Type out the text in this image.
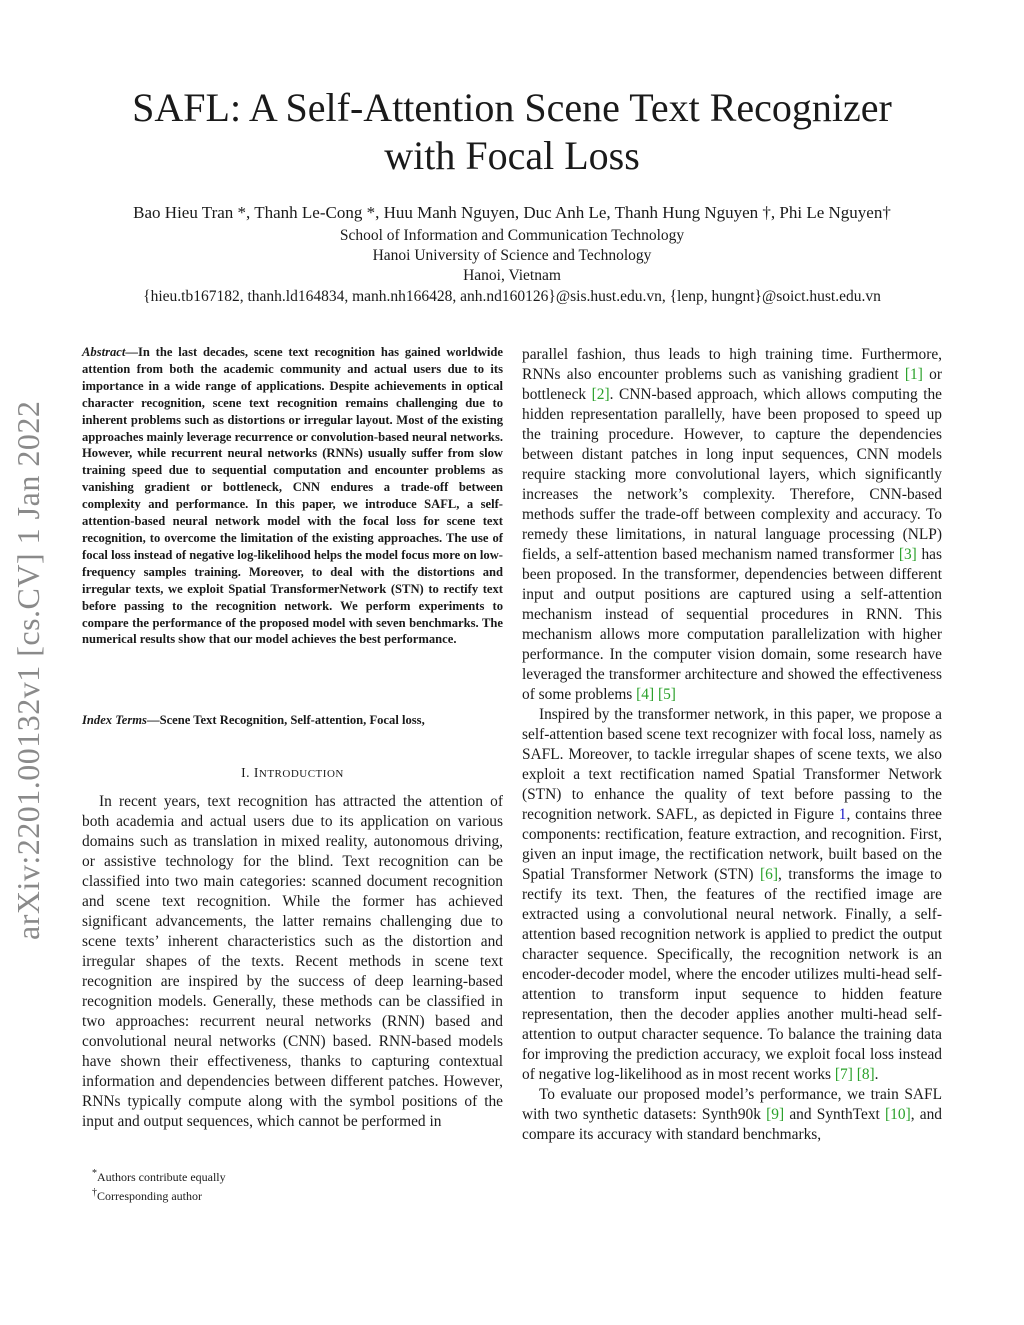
arXiv:2201.00132v1 [cs.CV] 1 Jan 2022
SAFL: A Self-Attention Scene Text Recognizer
with Focal Loss
Bao Hieu Tran *, Thanh Le-Cong *, Huu Manh Nguyen, Duc Anh Le, Thanh Hung Nguyen †, Phi Le Nguyen†
School of Information and Communication Technology
Hanoi University of Science and Technology
Hanoi, Vietnam
{hieu.tb167182, thanh.ld164834, manh.nh166428, anh.nd160126}@sis.hust.edu.vn, {lenp, hungnt}@soict.hust.edu.vn
Abstract—In the last decades, scene text recognition has gained worldwide attention from both the academic community and actual users due to its importance in a wide range of applications. Despite achievements in optical character recognition, scene text recognition remains challenging due to inherent problems such as distortions or irregular layout. Most of the existing approaches mainly leverage recurrence or convolution-based neural networks. However, while recurrent neural networks (RNNs) usually suffer from slow training speed due to sequential computation and encounter problems as vanishing gradient or bottleneck, CNN endures a trade-off between complexity and performance. In this paper, we introduce SAFL, a self-attention-based neural network model with the focal loss for scene text recognition, to overcome the limitation of the existing approaches. The use of focal loss instead of negative log-likelihood helps the model focus more on low-frequency samples training. Moreover, to deal with the distortions and irregular texts, we exploit Spatial TransformerNetwork (STN) to rectify text before passing to the recognition network. We perform experiments to compare the performance of the proposed model with seven benchmarks. The numerical results show that our model achieves the best performance.
Index Terms—Scene Text Recognition, Self-attention, Focal loss,
I. INTRODUCTION

In recent years, text recognition has attracted the attention of both academia and actual users due to its application on various domains such as translation in mixed reality, autonomous driving, or assistive technology for the blind. Text recognition can be classified into two main categories: scanned document recognition and scene text recognition. While the former has achieved significant advancements, the latter remains challenging due to scene texts’ inherent characteristics such as the distortion and irregular shapes of the texts. Recent methods in scene text recognition are inspired by the success of deep learning-based recognition models. Generally, these methods can be classified in two approaches: recurrent neural networks (RNN) based and convolutional neural networks (CNN) based. RNN-based models have shown their effectiveness, thanks to capturing contextual information and dependencies between different patches. However, RNNs typically compute along with the symbol positions of the input and output sequences, which cannot be performed in

*Authors contribute equally
†Corresponding author

parallel fashion, thus leads to high training time. Furthermore, RNNs also encounter problems such as vanishing gradient [1] or bottleneck [2]. CNN-based approach, which allows computing the hidden representation parallelly, have been proposed to speed up the training procedure. However, to capture the dependencies between distant patches in long input sequences, CNN models require stacking more convolutional layers, which significantly increases the network’s complexity. Therefore, CNN-based methods suffer the trade-off between complexity and accuracy. To remedy these limitations, in natural language processing (NLP) fields, a self-attention based mechanism named transformer [3] has been proposed. In the transformer, dependencies between different input and output positions are captured using a self-attention mechanism instead of sequential procedures in RNN. This mechanism allows more computation parallelization with higher performance. In the computer vision domain, some research have leveraged the transformer architecture and showed the effectiveness of some problems [4] [5]

Inspired by the transformer network, in this paper, we propose a self-attention based scene text recognizer with focal loss, namely as SAFL. Moreover, to tackle irregular shapes of scene texts, we also exploit a text rectification named Spatial Transformer Network (STN) to enhance the quality of text before passing to the recognition network. SAFL, as depicted in Figure 1, contains three components: rectification, feature extraction, and recognition. First, given an input image, the rectification network, built based on the Spatial Transformer Network (STN) [6], transforms the image to rectify its text. Then, the features of the rectified image are extracted using a convolutional neural network. Finally, a self-attention based recognition network is applied to predict the output character sequence. Specifically, the recognition network is an encoder-decoder model, where the encoder utilizes multi-head self-attention to transform input sequence to hidden feature representation, then the decoder applies another multi-head self-attention to output character sequence. To balance the training data for improving the prediction accuracy, we exploit focal loss instead of negative log-likelihood as in most recent works [7] [8].

To evaluate our proposed model’s performance, we train SAFL with two synthetic datasets: Synth90k [9] and SynthText [10], and compare its accuracy with standard benchmarks,
